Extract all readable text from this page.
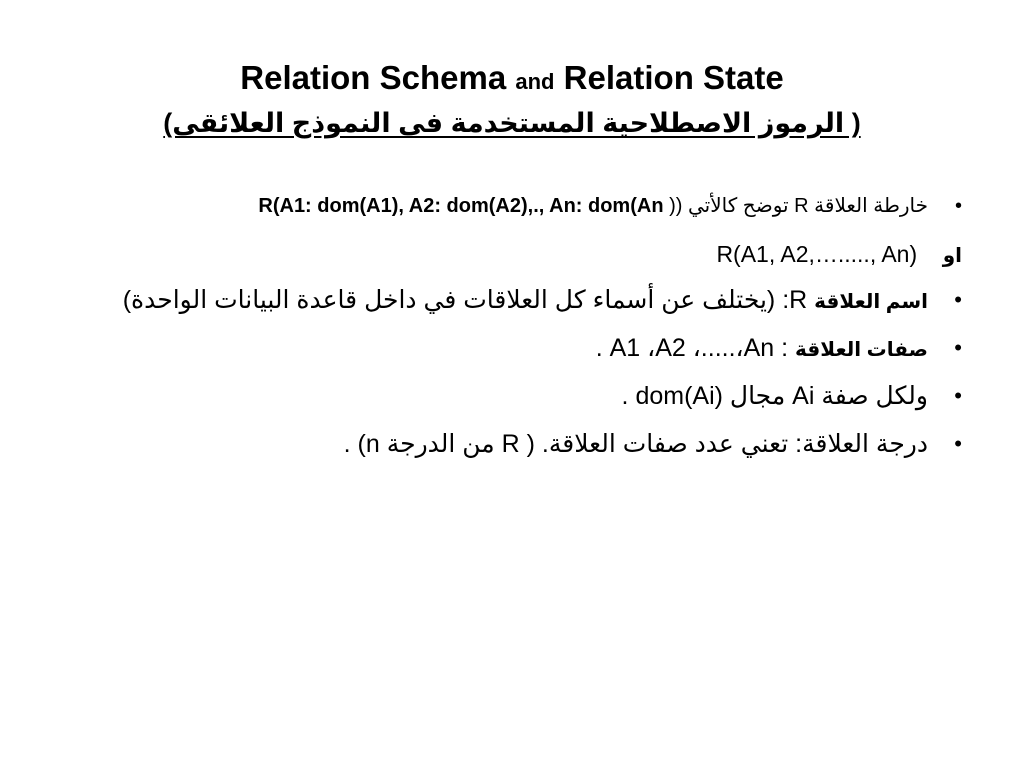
Relation Schema and Relation State
( الرموز الاصطلاحية المستخدمة فى النموذج العلائقى)
•
خارطة العلاقة R توضح كالأتي (( R(A1: dom(A1), A2: dom(A2),., An: dom(An
او    R(A1, A2,…....., An)
•
اسم العلاقة R: (يختلف عن أسماء كل العلاقات في داخل قاعدة البيانات الواحدة)
•
صفات العلاقة : A1 ،A2 ،.....،An .
•
ولكل صفة Ai مجال dom(Ai) .
•
درجة العلاقة: تعني عدد صفات العلاقة. ( R من الدرجة n) .
